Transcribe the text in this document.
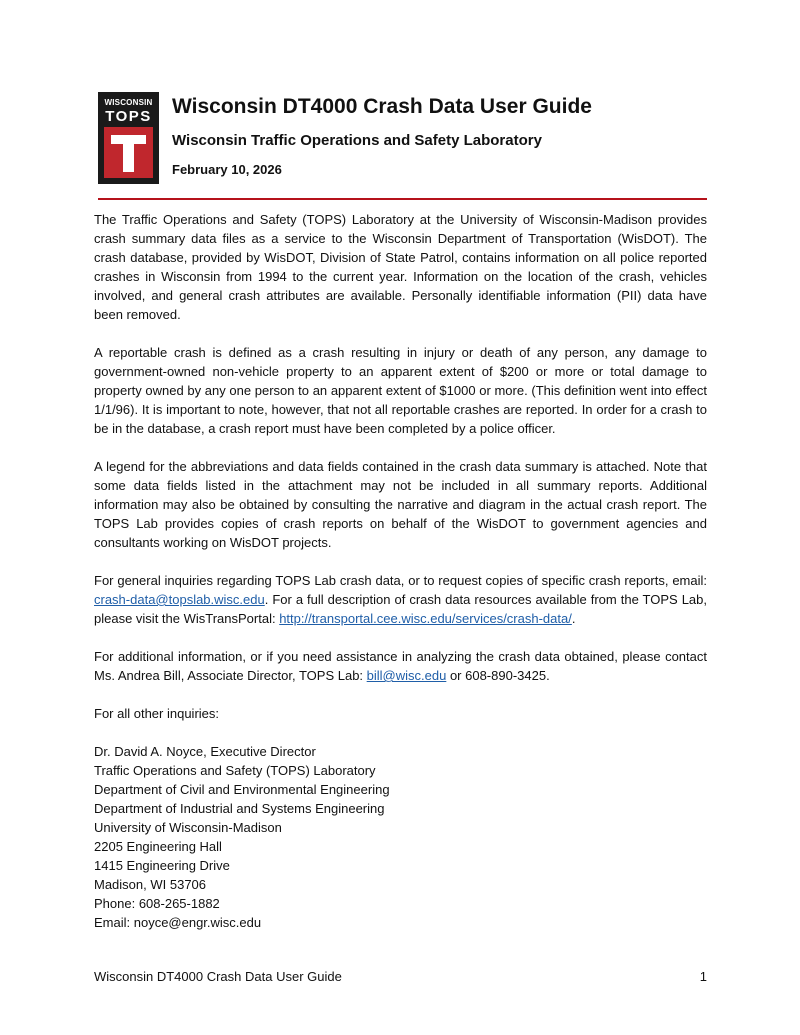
WISCONSIN
TOPS Wisconsin DT4000 Crash Data User Guide
Wisconsin Traffic Operations and Safety Laboratory
February 10, 2026

The Traffic Operations and Safety (TOPS) Laboratory at the University of Wisconsin-Madison provides crash summary data files as a service to the Wisconsin Department of Transportation (WisDOT). The crash database, provided by WisDOT, Division of State Patrol, contains information on all police reported crashes in Wisconsin from 1994 to the current year. Information on the location of the crash, vehicles involved, and general crash attributes are available. Personally identifiable information (PII) data have been removed.

A reportable crash is defined as a crash resulting in injury or death of any person, any damage to government-owned non-vehicle property to an apparent extent of $200 or more or total damage to property owned by any one person to an apparent extent of $1000 or more. (This definition went into effect 1/1/96). It is important to note, however, that not all reportable crashes are reported. In order for a crash to be in the database, a crash report must have been completed by a police officer.

A legend for the abbreviations and data fields contained in the crash data summary is attached. Note that some data fields listed in the attachment may not be included in all summary reports. Additional information may also be obtained by consulting the narrative and diagram in the actual crash report. The TOPS Lab provides copies of crash reports on behalf of the WisDOT to government agencies and consultants working on WisDOT projects.

For general inquiries regarding TOPS Lab crash data, or to request copies of specific crash reports, email: crash-data@topslab.wisc.edu. For a full description of crash data resources available from the TOPS Lab, please visit the WisTransPortal: http://transportal.cee.wisc.edu/services/crash-data/.

For additional information, or if you need assistance in analyzing the crash data obtained, please contact Ms. Andrea Bill, Associate Director, TOPS Lab: bill@wisc.edu or 608-890-3425.

For all other inquiries:

Dr. David A. Noyce, Executive Director
Traffic Operations and Safety (TOPS) Laboratory
Department of Civil and Environmental Engineering
Department of Industrial and Systems Engineering
University of Wisconsin-Madison
2205 Engineering Hall
1415 Engineering Drive
Madison, WI 53706
Phone: 608-265-1882
Email: noyce@engr.wisc.edu
Wisconsin DT4000 Crash Data User Guide	1
